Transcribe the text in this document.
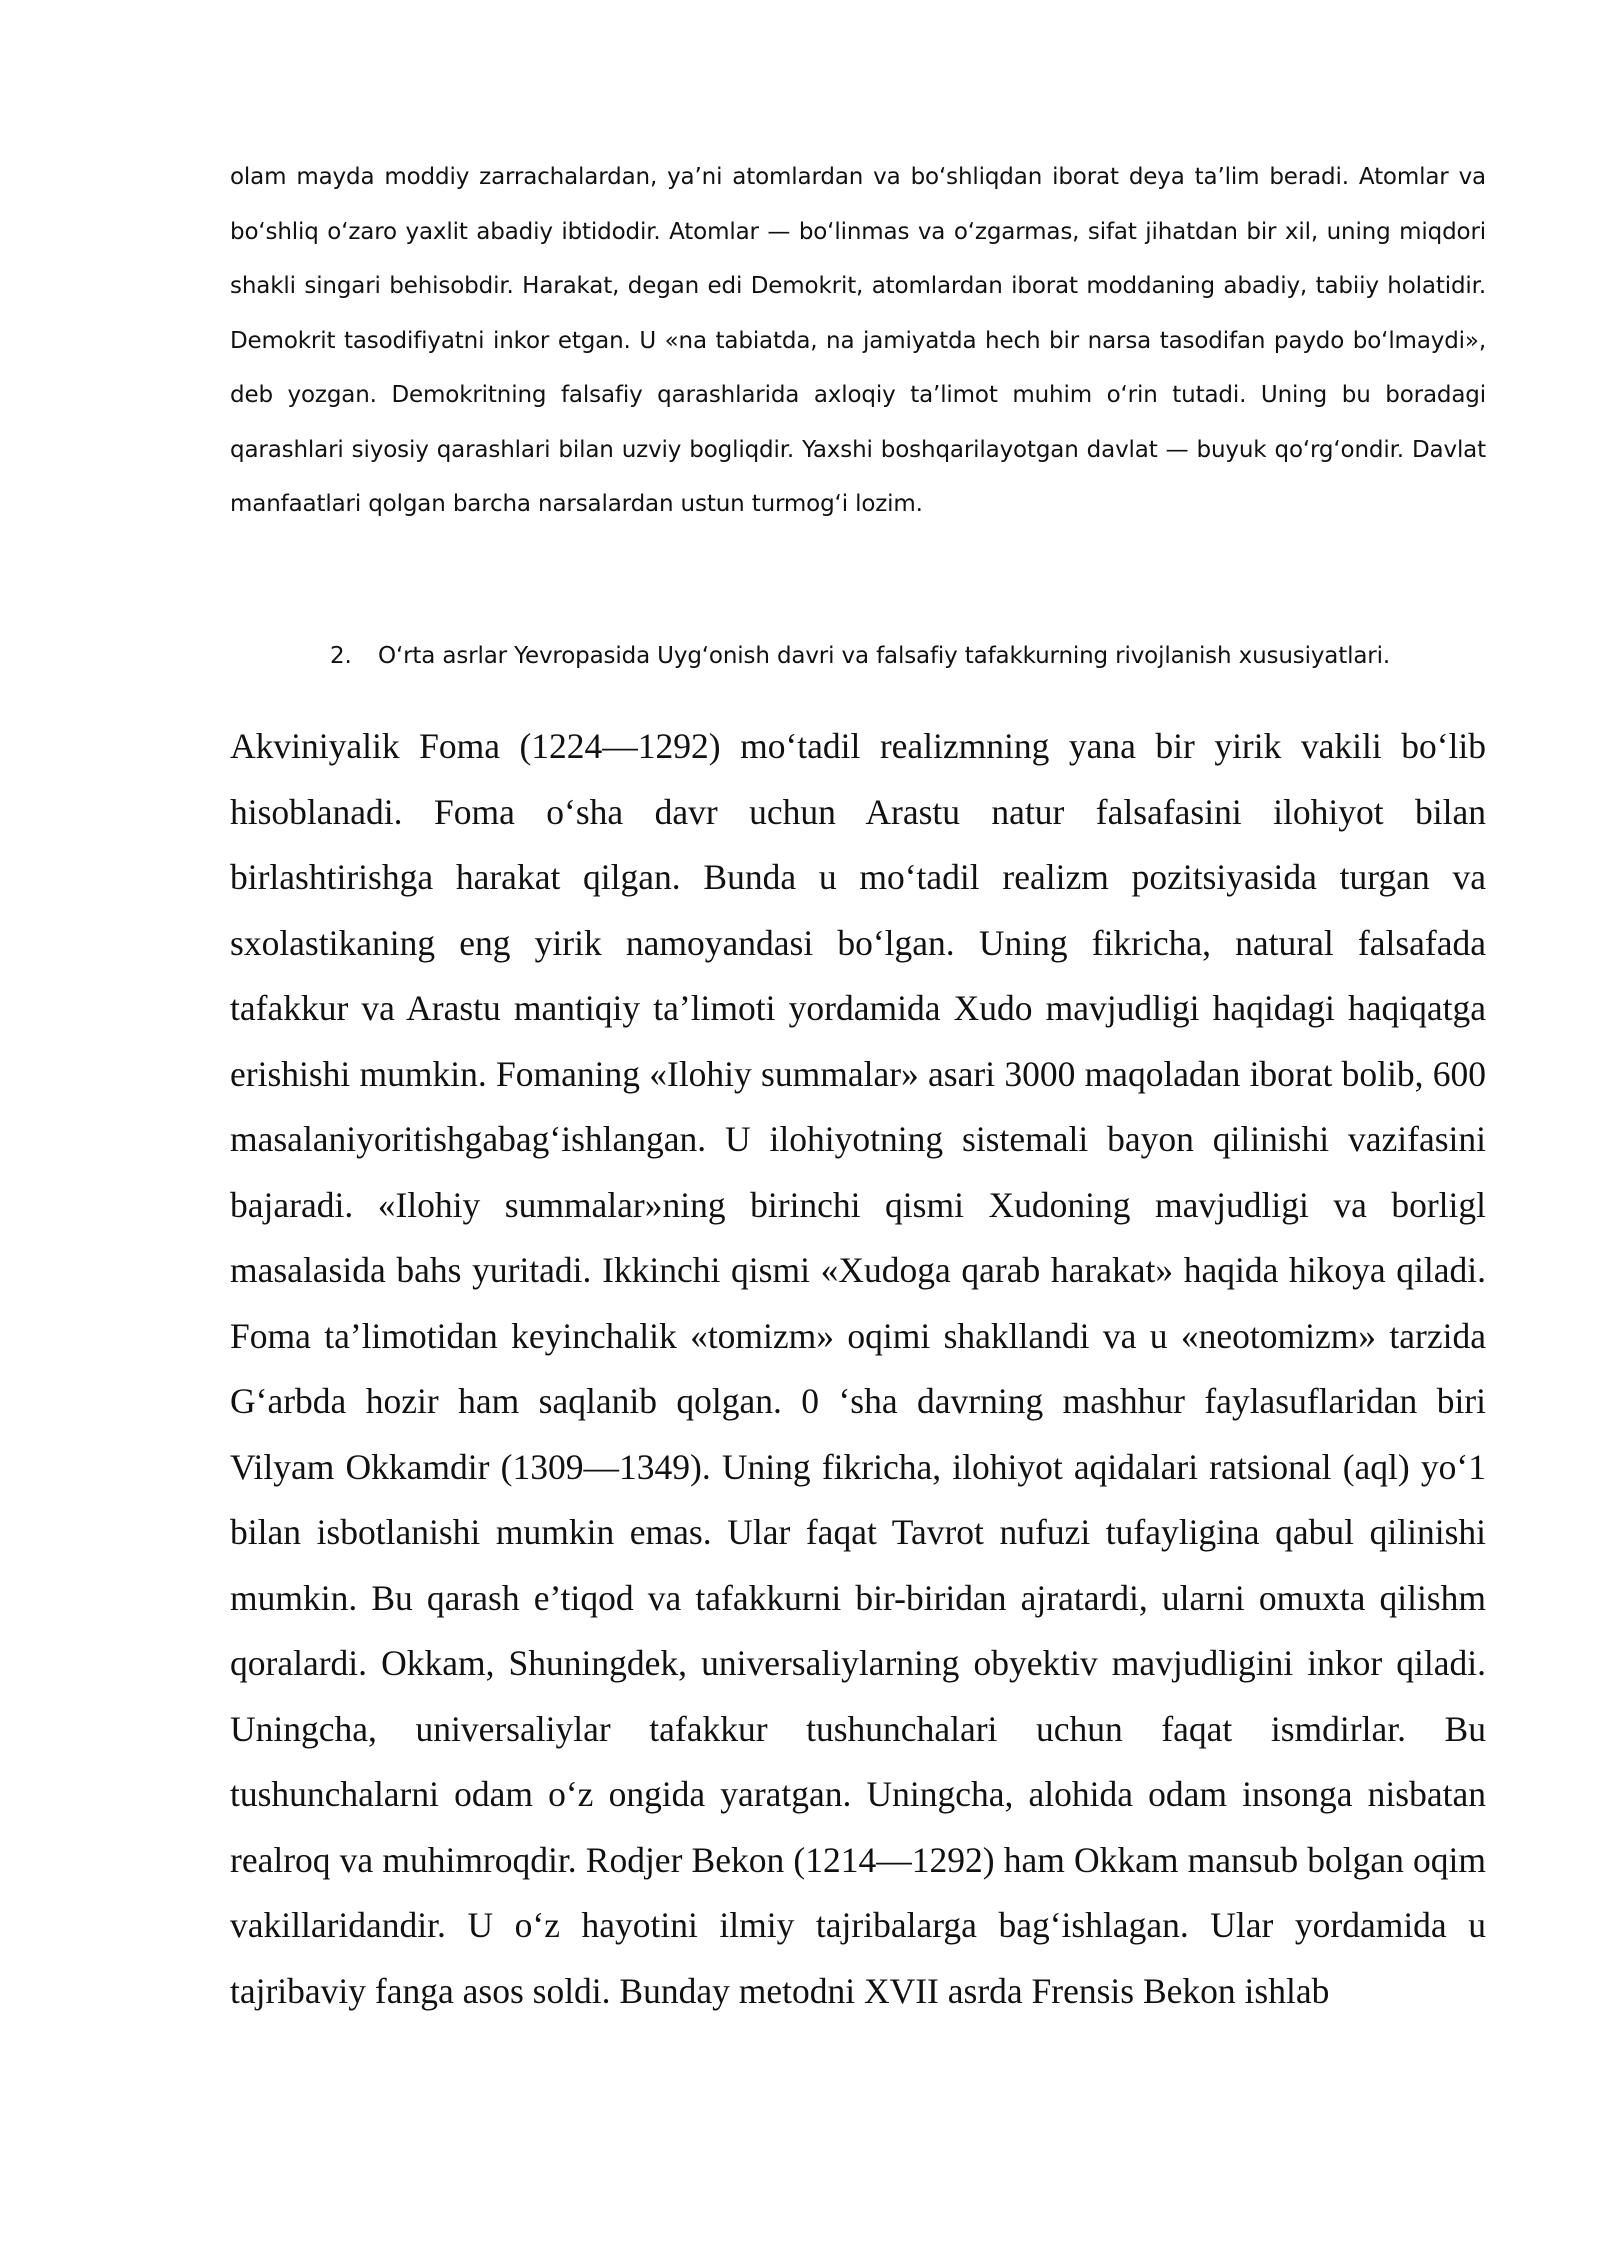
olam mayda moddiy zarrachalardan, ya’ni atomlardan va bo‘shliqdan iborat deya ta’lim beradi. Atomlar va bo‘shliq o‘zaro yaxlit abadiy ibtidodir. Atomlar — bo‘linmas va o‘zgarmas, sifat jihatdan bir xil, uning miqdori shakli singari behisobdir. Harakat, degan edi Demokrit, atomlardan iborat moddaning abadiy, tabiiy holatidir. Demokrit tasodifiyatni inkor etgan. U «na tabiatda, na jamiyatda hech bir narsa tasodifan paydo bo‘lmaydi», deb yozgan. Demokritning falsafiy qarashlarida axloqiy ta’limot muhim o‘rin tutadi. Uning bu boradagi qarashlari siyosiy qarashlari bilan uzviy bogliqdir. Yaxshi boshqarilayotgan davlat — buyuk qo‘rg‘ondir. Davlat manfaatlari qolgan barcha narsalardan ustun turmog‘i lozim.

2. O‘rta asrlar Yevropasida Uyg‘onish davri va falsafiy tafakkurning rivojlanish xususiyatlari.

Akviniyalik Foma (1224—1292) mo‘tadil realizmning yana bir yirik vakili bo‘lib hisoblanadi. Foma o‘sha davr uchun Arastu natur falsafasini ilohiyot bilan birlashtirishga harakat qilgan. Bunda u mo‘tadil realizm pozitsiyasida turgan va sxolastikaning eng yirik namoyandasi bo‘lgan. Uning fikricha, natural falsafada tafakkur va Arastu mantiqiy ta’limoti yordamida Xudo mavjudligi haqidagi haqiqatga erishishi mumkin. Fomaning «Ilohiy summalar» asari 3000 maqoladan iborat bolib, 600 masalaniyoritishgabag‘ishlangan. U ilohiyotning sistemali bayon qilinishi vazifasini bajaradi. «Ilohiy summalar»ning birinchi qismi Xudoning mavjudligi va borligl masalasida bahs yuritadi. Ikkinchi qismi «Xudoga qarab harakat» haqida hikoya qiladi. Foma ta’limotidan keyinchalik «tomizm» oqimi shakllandi va u «neotomizm» tarzida G‘arbda hozir ham saqlanib qolgan. 0 ‘sha davrning mashhur faylasuflaridan biri Vilyam Okkamdir (1309—1349). Uning fikricha, ilohiyot aqidalari ratsional (aql) yo‘1 bilan isbotlanishi mumkin emas. Ular faqat Tavrot nufuzi tufayligina qabul qilinishi mumkin. Bu qarash e’tiqod va tafakkurni bir-biridan ajratardi, ularni omuxta qilishm qoralardi. Okkam, Shuningdek, universaliylarning obyektiv mavjudligini inkor qiladi. Uningcha, universaliylar tafakkur tushunchalari uchun faqat ismdirlar. Bu tushunchalarni odam o‘z ongida yaratgan. Uningcha, alohida odam insonga nisbatan realroq va muhimroqdir. Rodjer Bekon (1214—1292) ham Okkam mansub bolgan oqim vakillaridandir. U o‘z hayotini ilmiy tajribalarga bag‘ishlagan. Ular yordamida u tajribaviy fanga asos soldi. Bunday metodni XVII asrda Frensis Bekon ishlab
